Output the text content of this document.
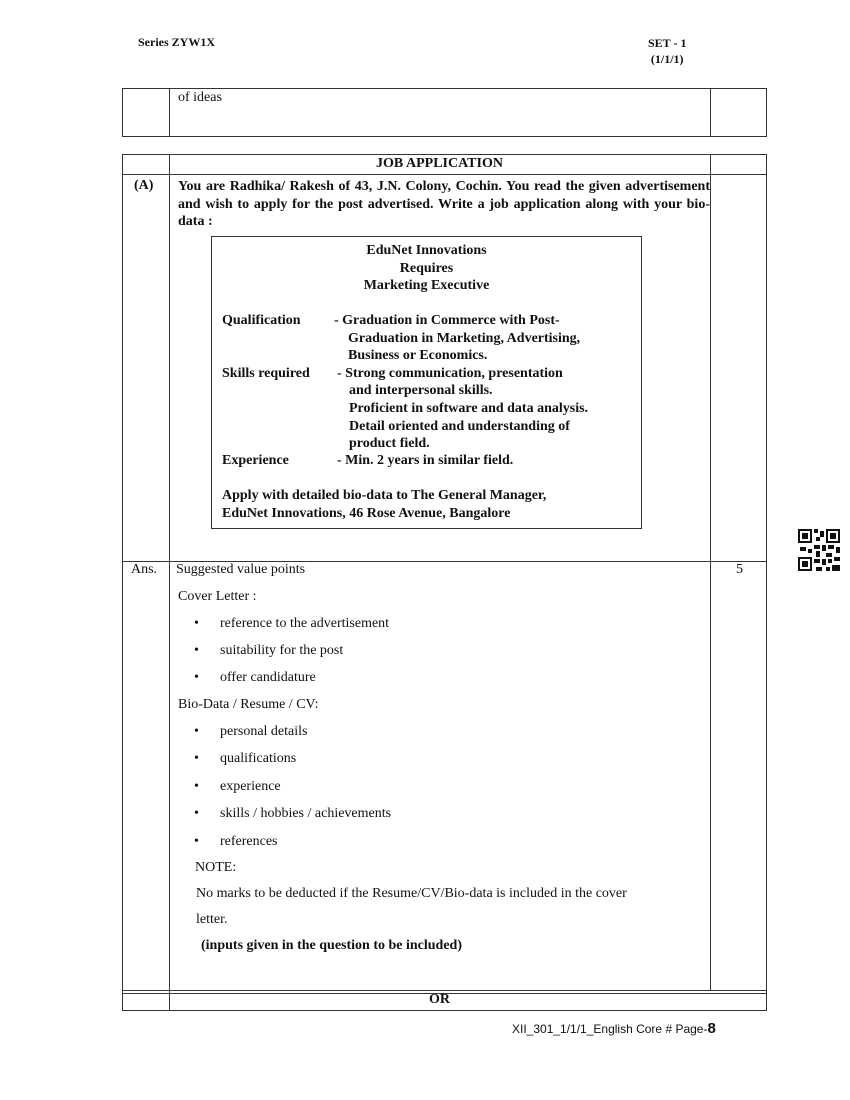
Series ZYW1X	SET - 1
(1/1/1)
of ideas
JOB APPLICATION
(A) You are Radhika/ Rakesh of 43, J.N. Colony, Cochin. You read the given advertisement and wish to apply for the post advertised. Write a job application along with your bio-data :
EduNet Innovations
Requires
Marketing Executive
Qualification - Graduation in Commerce with Post-
Graduation in Marketing, Advertising,
Business or Economics.
Skills required - Strong communication, presentation
and interpersonal skills.
Proficient in software and data analysis.
Detail oriented and understanding of
product field.
Experience	- Min. 2 years in similar field.
Apply with detailed bio-data to The General Manager,
EduNet Innovations, 46 Rose Avenue, Bangalore
Ans. Suggested value points	5
Cover Letter :
• reference to the advertisement
• suitability for the post
• offer candidature
Bio-Data / Resume / CV:
• personal details
• qualifications
• experience
• skills / hobbies / achievements
• references
NOTE:
No marks to be deducted if the Resume/CV/Bio-data is included in the cover
letter.
(inputs given in the question to be included)
OR
XII_301_1/1/1_English Core # Page-8
